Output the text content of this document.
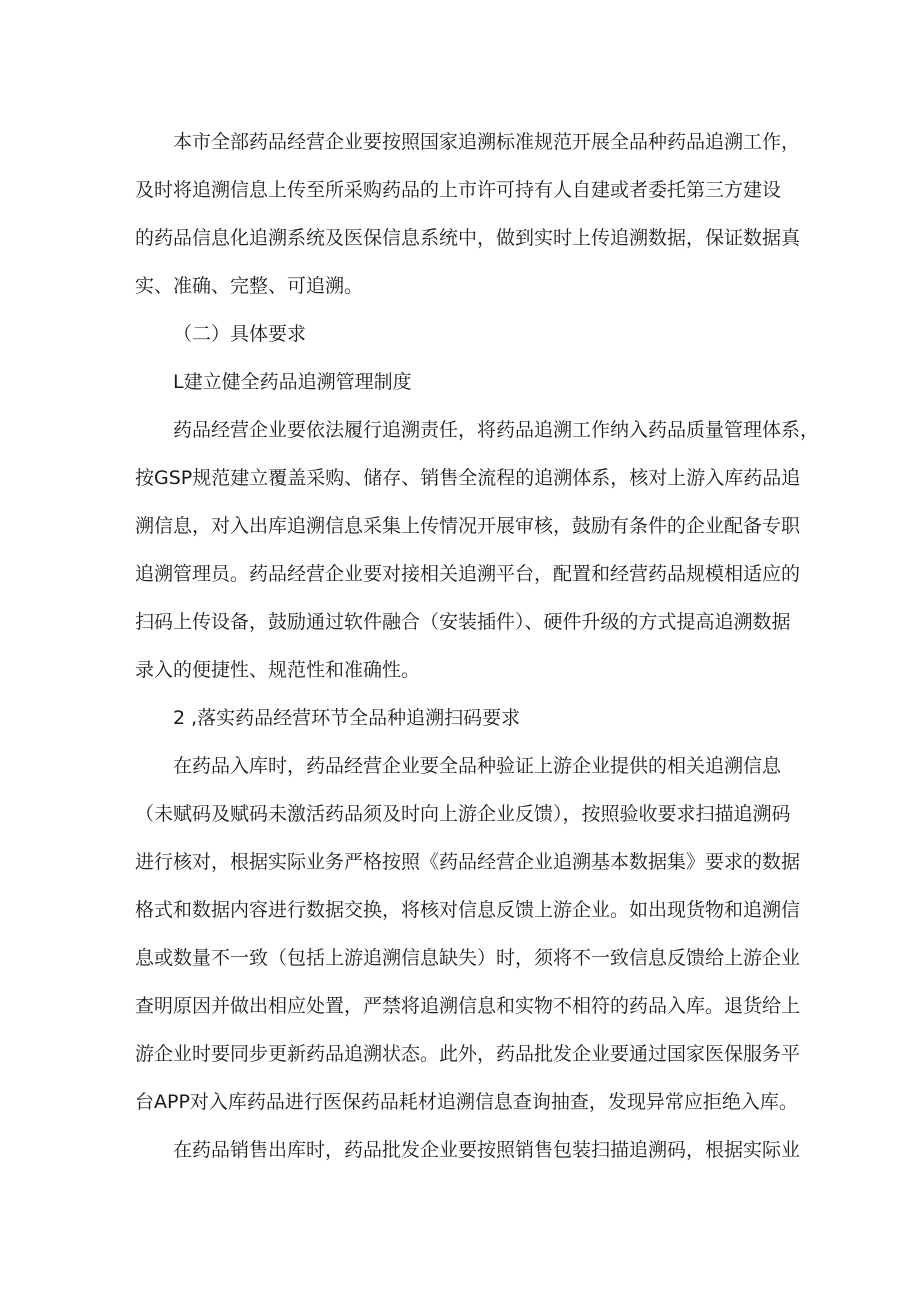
本市全部药品经营企业要按照国家追溯标准规范开展全品种药品追溯工作，
及时将追溯信息上传至所采购药品的上市许可持有人自建或者委托第三方建设
的药品信息化追溯系统及医保信息系统中，做到实时上传追溯数据，保证数据真
实、准确、完整、可追溯。
（二）具体要求
L建立健全药品追溯管理制度
药品经营企业要依法履行追溯责任，将药品追溯工作纳入药品质量管理体系，
按GSP规范建立覆盖采购、储存、销售全流程的追溯体系，核对上游入库药品追
溯信息，对入出库追溯信息采集上传情况开展审核，鼓励有条件的企业配备专职
追溯管理员。药品经营企业要对接相关追溯平台，配置和经营药品规模相适应的
扫码上传设备，鼓励通过软件融合（安装插件）、硬件升级的方式提高追溯数据
录入的便捷性、规范性和准确性。
2 ,落实药品经营环节全品种追溯扫码要求
在药品入库时，药品经营企业要全品种验证上游企业提供的相关追溯信息
（未赋码及赋码未激活药品须及时向上游企业反馈），按照验收要求扫描追溯码
进行核对，根据实际业务严格按照《药品经营企业追溯基本数据集》要求的数据
格式和数据内容进行数据交换，将核对信息反馈上游企业。如出现货物和追溯信
息或数量不一致（包括上游追溯信息缺失）时，须将不一致信息反馈给上游企业
查明原因并做出相应处置，严禁将追溯信息和实物不相符的药品入库。退货给上
游企业时要同步更新药品追溯状态。此外，药品批发企业要通过国家医保服务平
台APP对入库药品进行医保药品耗材追溯信息查询抽查，发现异常应拒绝入库。
在药品销售出库时，药品批发企业要按照销售包装扫描追溯码，根据实际业
